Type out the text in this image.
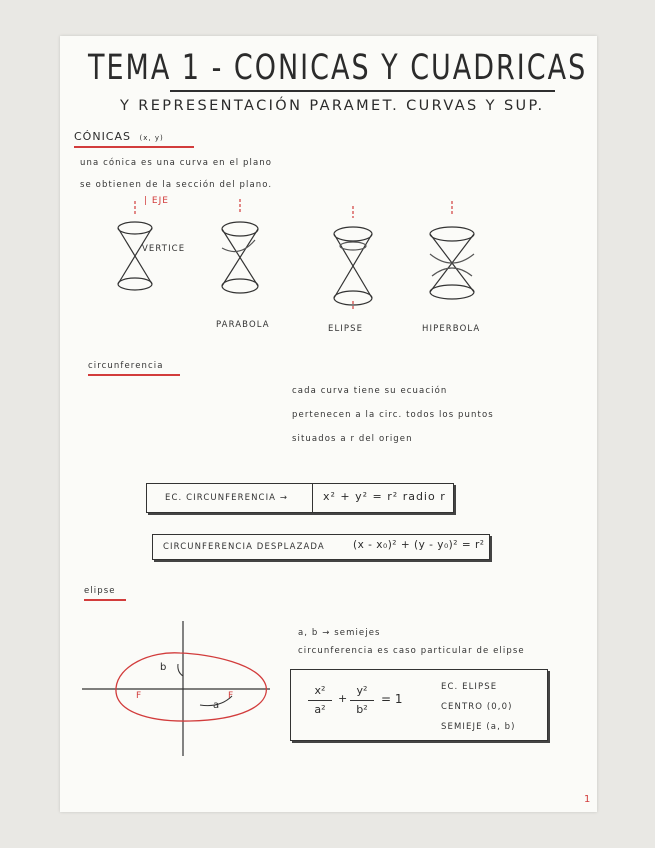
TEMA 1 - CONICAS Y CUADRICAS
Y REPRESENTACIÓN PARAMET. CURVAS Y SUP.
CÓNICAS (x, y)
una cónica es una curva en el plano
se obtienen de la sección del plano.
| EJE
VERTICE
PARABOLA	ELIPSE	HIPERBOLA
circunferencia
cada curva tiene su ecuación
pertenecen a la circ. todos los puntos
situados a r del origen
EC. CIRCUNFERENCIA →	x² + y² = r² radio r
CIRCUNFERENCIA DESPLAZADA	(x - x₀)² + (y - y₀)² = r²
elipse
b
a
F	F
a, b → semiejes
circunferencia es caso particular de elipse
x²
a²
+
y²
b²
= 1
EC. ELIPSE
CENTRO (0,0)
SEMIEJE (a, b)
1
